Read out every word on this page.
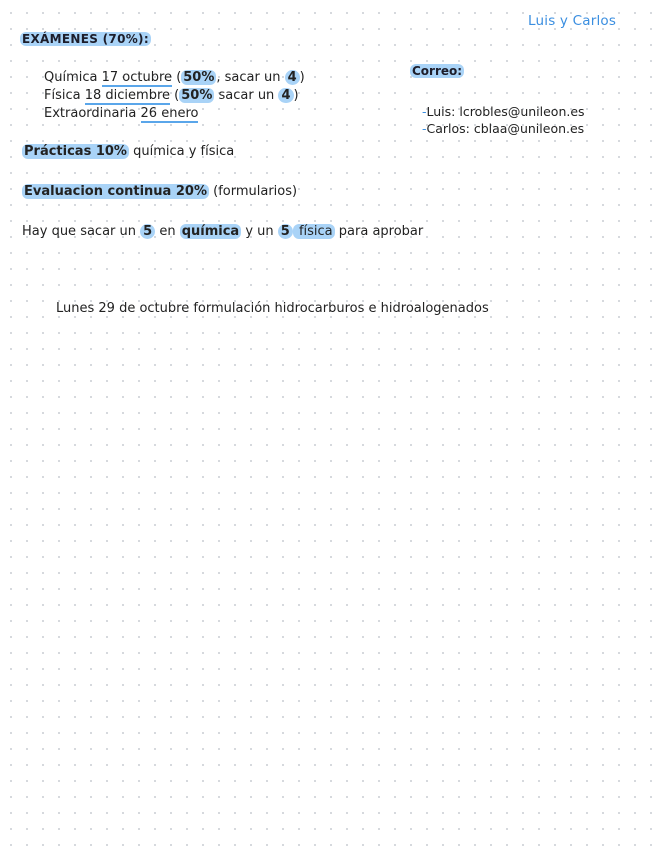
Luis y Carlos
EXÁMENES (70%):
Química 17 octubre ( 50% , sacar un 4 )
Física 18 diciembre ( 50% sacar un 4 )
Extraordinaria 26 enero
Correo:
-Luis: lcrobles@unileon.es
-Carlos: cblaa@unileon.es
Prácticas 10% química y física
Evaluacion continua 20% (formularios)
Hay que sacar un 5 en química y un 5 física para aprobar
Lunes 29 de octubre formulación hidrocarburos e hidroalogenados
